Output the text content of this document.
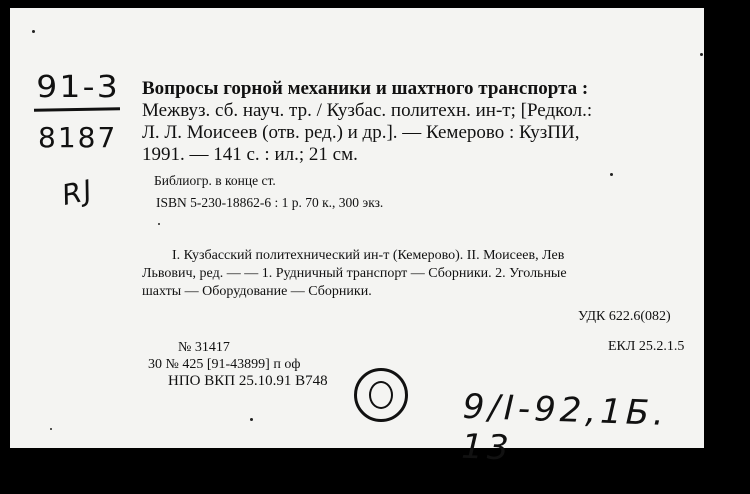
91-3
8187
RJ
Вопросы горной механики и шахтного транспорта :
Межвуз. сб. науч. тр. / Кузбас. политехн. ин-т; [Редкол.:
Л. Л. Моисеев (отв. ред.) и др.]. — Кемерово : КузПИ,
1991. — 141 с. : ил.; 21 см.
Библиогр. в конце ст.
ISBN 5-230-18862-6 : 1 р. 70 к., 300 экз.
I. Кузбасский политехнический ин-т (Кемерово). II. Моисеев, Лев
Львович, ред. — — 1. Рудничный транспорт — Сборники. 2. Угольные
шахты — Оборудование — Сборники.
УДК 622.6(082)
ЕКЛ 25.2.1.5
№ 31417
30 № 425 [91-43899] п оф
НПО ВКП 25.10.91 В748
9/I-92,1Б. 13
